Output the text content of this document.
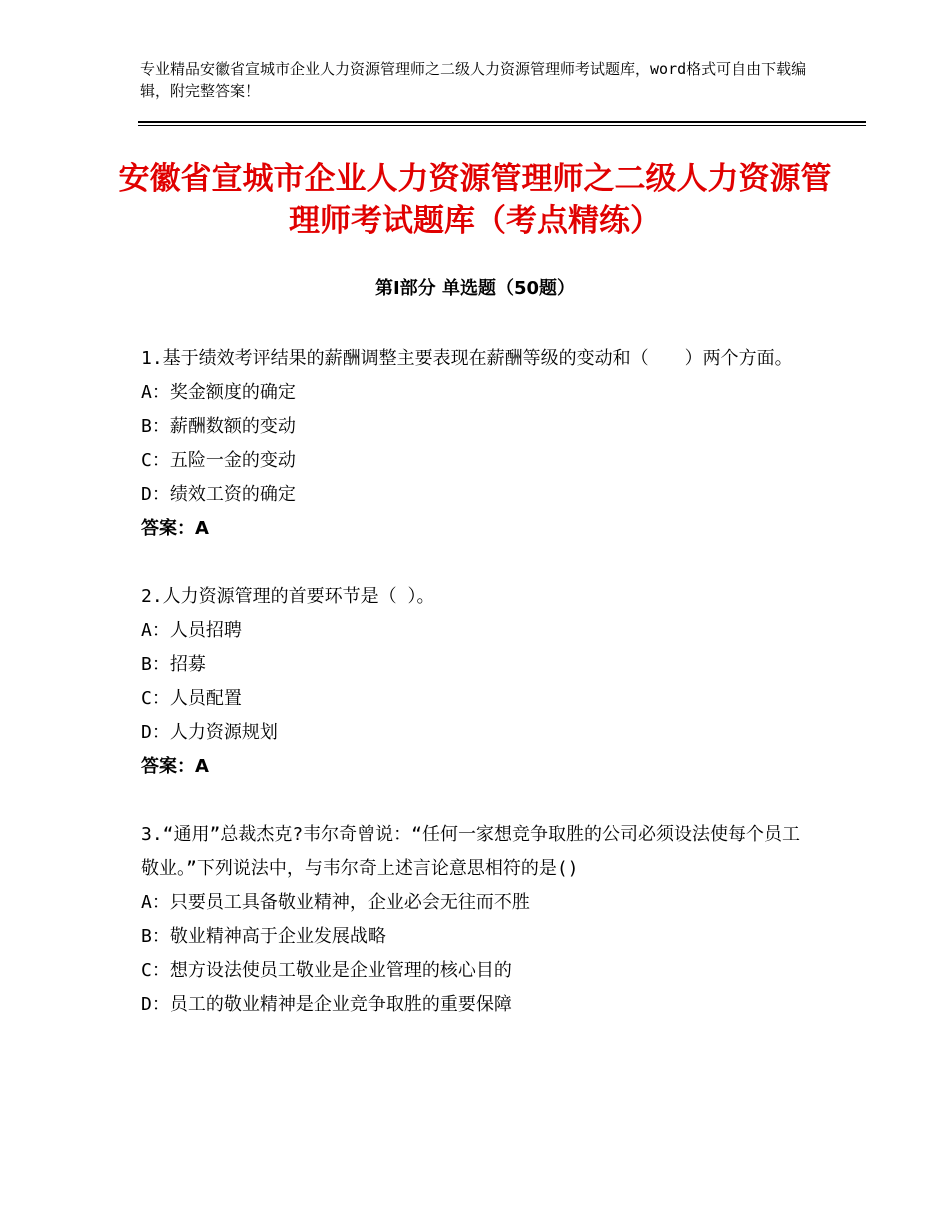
专业精品安徽省宣城市企业人力资源管理师之二级人力资源管理师考试题库，word格式可自由下载编辑，附完整答案！
安徽省宣城市企业人力资源管理师之二级人力资源管理师考试题库（考点精练）
第Ⅰ部分 单选题（50题）
1.基于绩效考评结果的薪酬调整主要表现在薪酬等级的变动和（　　）两个方面。
A：奖金额度的确定
B：薪酬数额的变动
C：五险一金的变动
D：绩效工资的确定
答案：A
2.人力资源管理的首要环节是（ ）。
A：人员招聘
B：招募
C：人员配置
D：人力资源规划
答案：A
3.“通用”总裁杰克?韦尔奇曾说：“任何一家想竞争取胜的公司必须设法使每个员工敬业。”下列说法中，与韦尔奇上述言论意思相符的是()
A：只要员工具备敬业精神，企业必会无往而不胜
B：敬业精神高于企业发展战略
C：想方设法使员工敬业是企业管理的核心目的
D：员工的敬业精神是企业竞争取胜的重要保障
